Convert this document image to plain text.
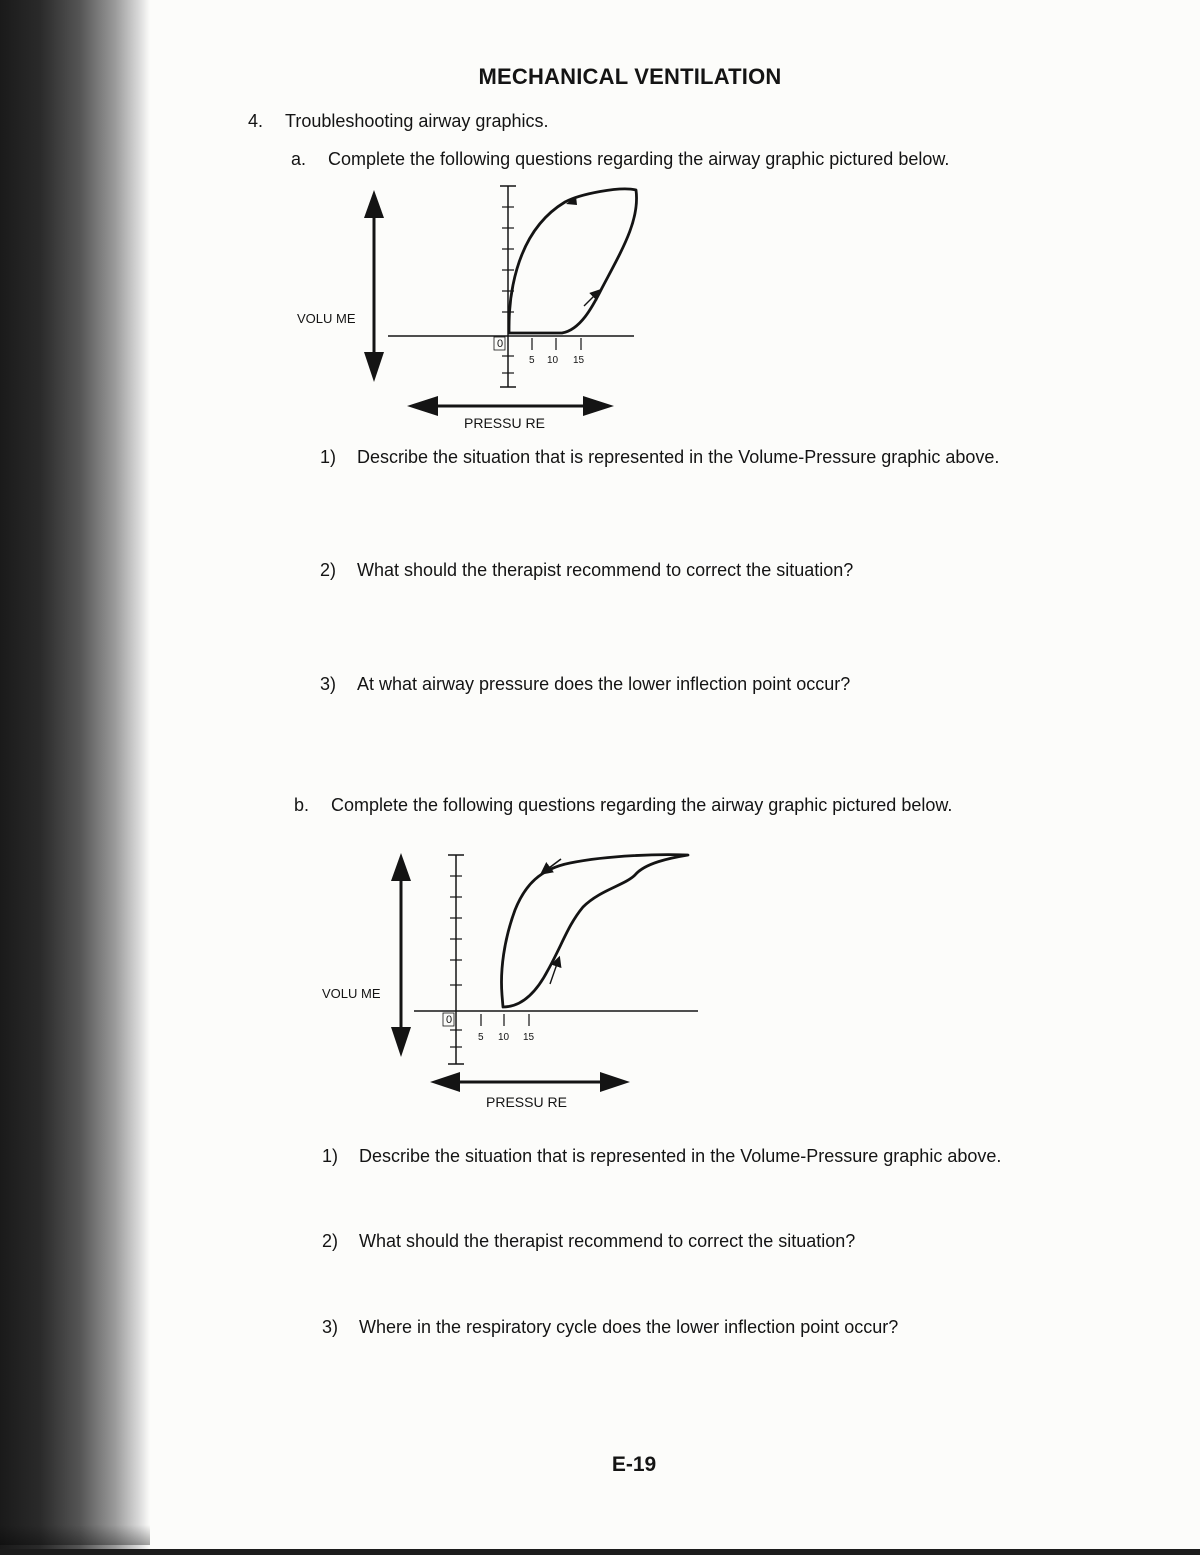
MECHANICAL VENTILATION
4. Troubleshooting airway graphics.
a. Complete the following questions regarding the airway graphic pictured below.
VOLU ME
PRESSU RE
0
5 10 15
1) Describe the situation that is represented in the Volume-Pressure graphic above.
2) What should the therapist recommend to correct the situation?
3) At what airway pressure does the lower inflection point occur?
b. Complete the following questions regarding the airway graphic pictured below.
VOLU ME
PRESSU RE
0
5 10 15
1) Describe the situation that is represented in the Volume-Pressure graphic above.
2) What should the therapist recommend to correct the situation?
3) Where in the respiratory cycle does the lower inflection point occur?
E-19
